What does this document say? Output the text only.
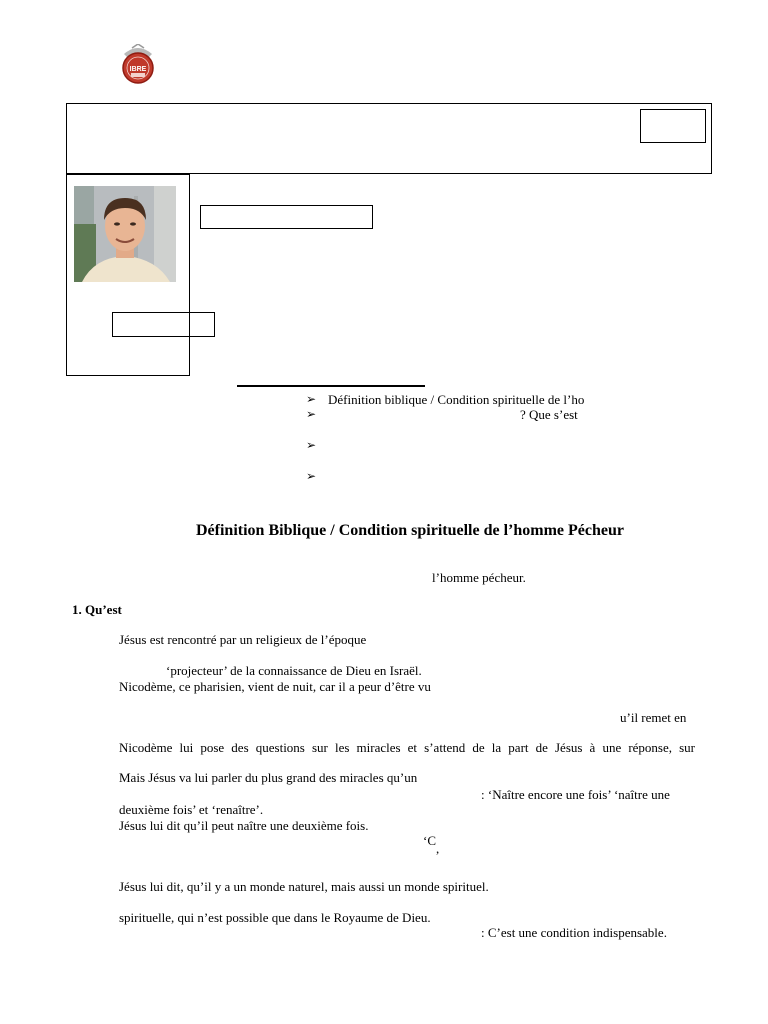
IBRE
➢ Définition biblique / Condition spirituelle de l’ho
➢	? Que s’est
➢
➢
Définition Biblique / Condition spirituelle de l’homme Pécheur
l’homme pécheur.
1. Qu’est
Jésus est rencontré par un religieux de l’époque
‘projecteur’ de la connaissance de Dieu en Israël.
Nicodème, ce pharisien, vient de nuit, car il a peur d’être vu
u’il remet en
Nicodème lui pose des questions sur les miracles et s’attend de la part de Jésus à une réponse, sur
Mais Jésus va lui parler du plus grand des miracles qu’un
: ‘Naître encore une fois’ ‘naître une
deuxième fois’ et ‘renaître’.
Jésus lui dit qu’il peut naître une deuxième fois.
‘C
,
Jésus lui dit, qu’il y a un monde naturel, mais aussi un monde spirituel.
spirituelle, qui n’est possible que dans le Royaume de Dieu.
: C’est une condition indispensable.
